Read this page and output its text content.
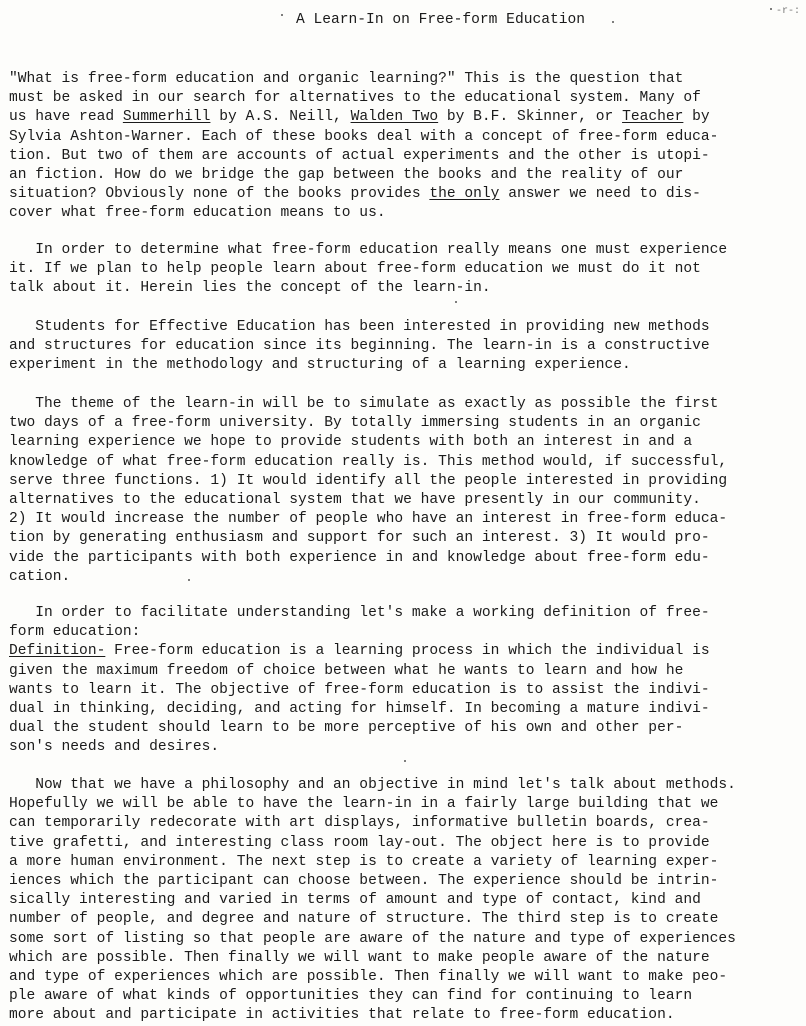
-r-:
A Learn-In on Free-form Education
"What is free-form education and organic learning?" This is the question that
must be asked in our search for alternatives to the educational system. Many of
us have read Summerhill by A.S. Neill, Walden Two by B.F. Skinner, or Teacher by
Sylvia Ashton-Warner. Each of these books deal with a concept of free-form educa-
tion. But two of them are accounts of actual experiments and the other is utopi-
an fiction. How do we bridge the gap between the books and the reality of our
situation? Obviously none of the books provides the only answer we need to dis-
cover what free-form education means to us.
In order to determine what free-form education really means one must experience
it. If we plan to help people learn about free-form education we must do it not
talk about it. Herein lies the concept of the learn-in.
Students for Effective Education has been interested in providing new methods
and structures for education since its beginning. The learn-in is a constructive
experiment in the methodology and structuring of a learning experience.
The theme of the learn-in will be to simulate as exactly as possible the first
two days of a free-form university. By totally immersing students in an organic
learning experience we hope to provide students with both an interest in and a
knowledge of what free-form education really is. This method would, if successful,
serve three functions. 1) It would identify all the people interested in providing
alternatives to the educational system that we have presently in our community.
2) It would increase the number of people who have an interest in free-form educa-
tion by generating enthusiasm and support for such an interest. 3) It would pro-
vide the participants with both experience in and knowledge about free-form edu-
cation.
In order to facilitate understanding let's make a working definition of free-
form education:
Definition- Free-form education is a learning process in which the individual is
given the maximum freedom of choice between what he wants to learn and how he
wants to learn it. The objective of free-form education is to assist the indivi-
dual in thinking, deciding, and acting for himself. In becoming a mature indivi-
dual the student should learn to be more perceptive of his own and other per-
son's needs and desires.
Now that we have a philosophy and an objective in mind let's talk about methods.
Hopefully we will be able to have the learn-in in a fairly large building that we
can temporarily redecorate with art displays, informative bulletin boards, crea-
tive grafetti, and interesting class room lay-out. The object here is to provide
a more human environment. The next step is to create a variety of learning exper-
iences which the participant can choose between. The experience should be intrin-
sically interesting and varied in terms of amount and type of contact, kind and
number of people, and degree and nature of structure. The third step is to create
some sort of listing so that people are aware of the nature and type of experiences
which are possible. Then finally we will want to make people aware of the nature
and type of experiences which are possible. Then finally we will want to make peo-
ple aware of what kinds of opportunities they can find for continuing to learn
more about and participate in activities that relate to free-form education.
